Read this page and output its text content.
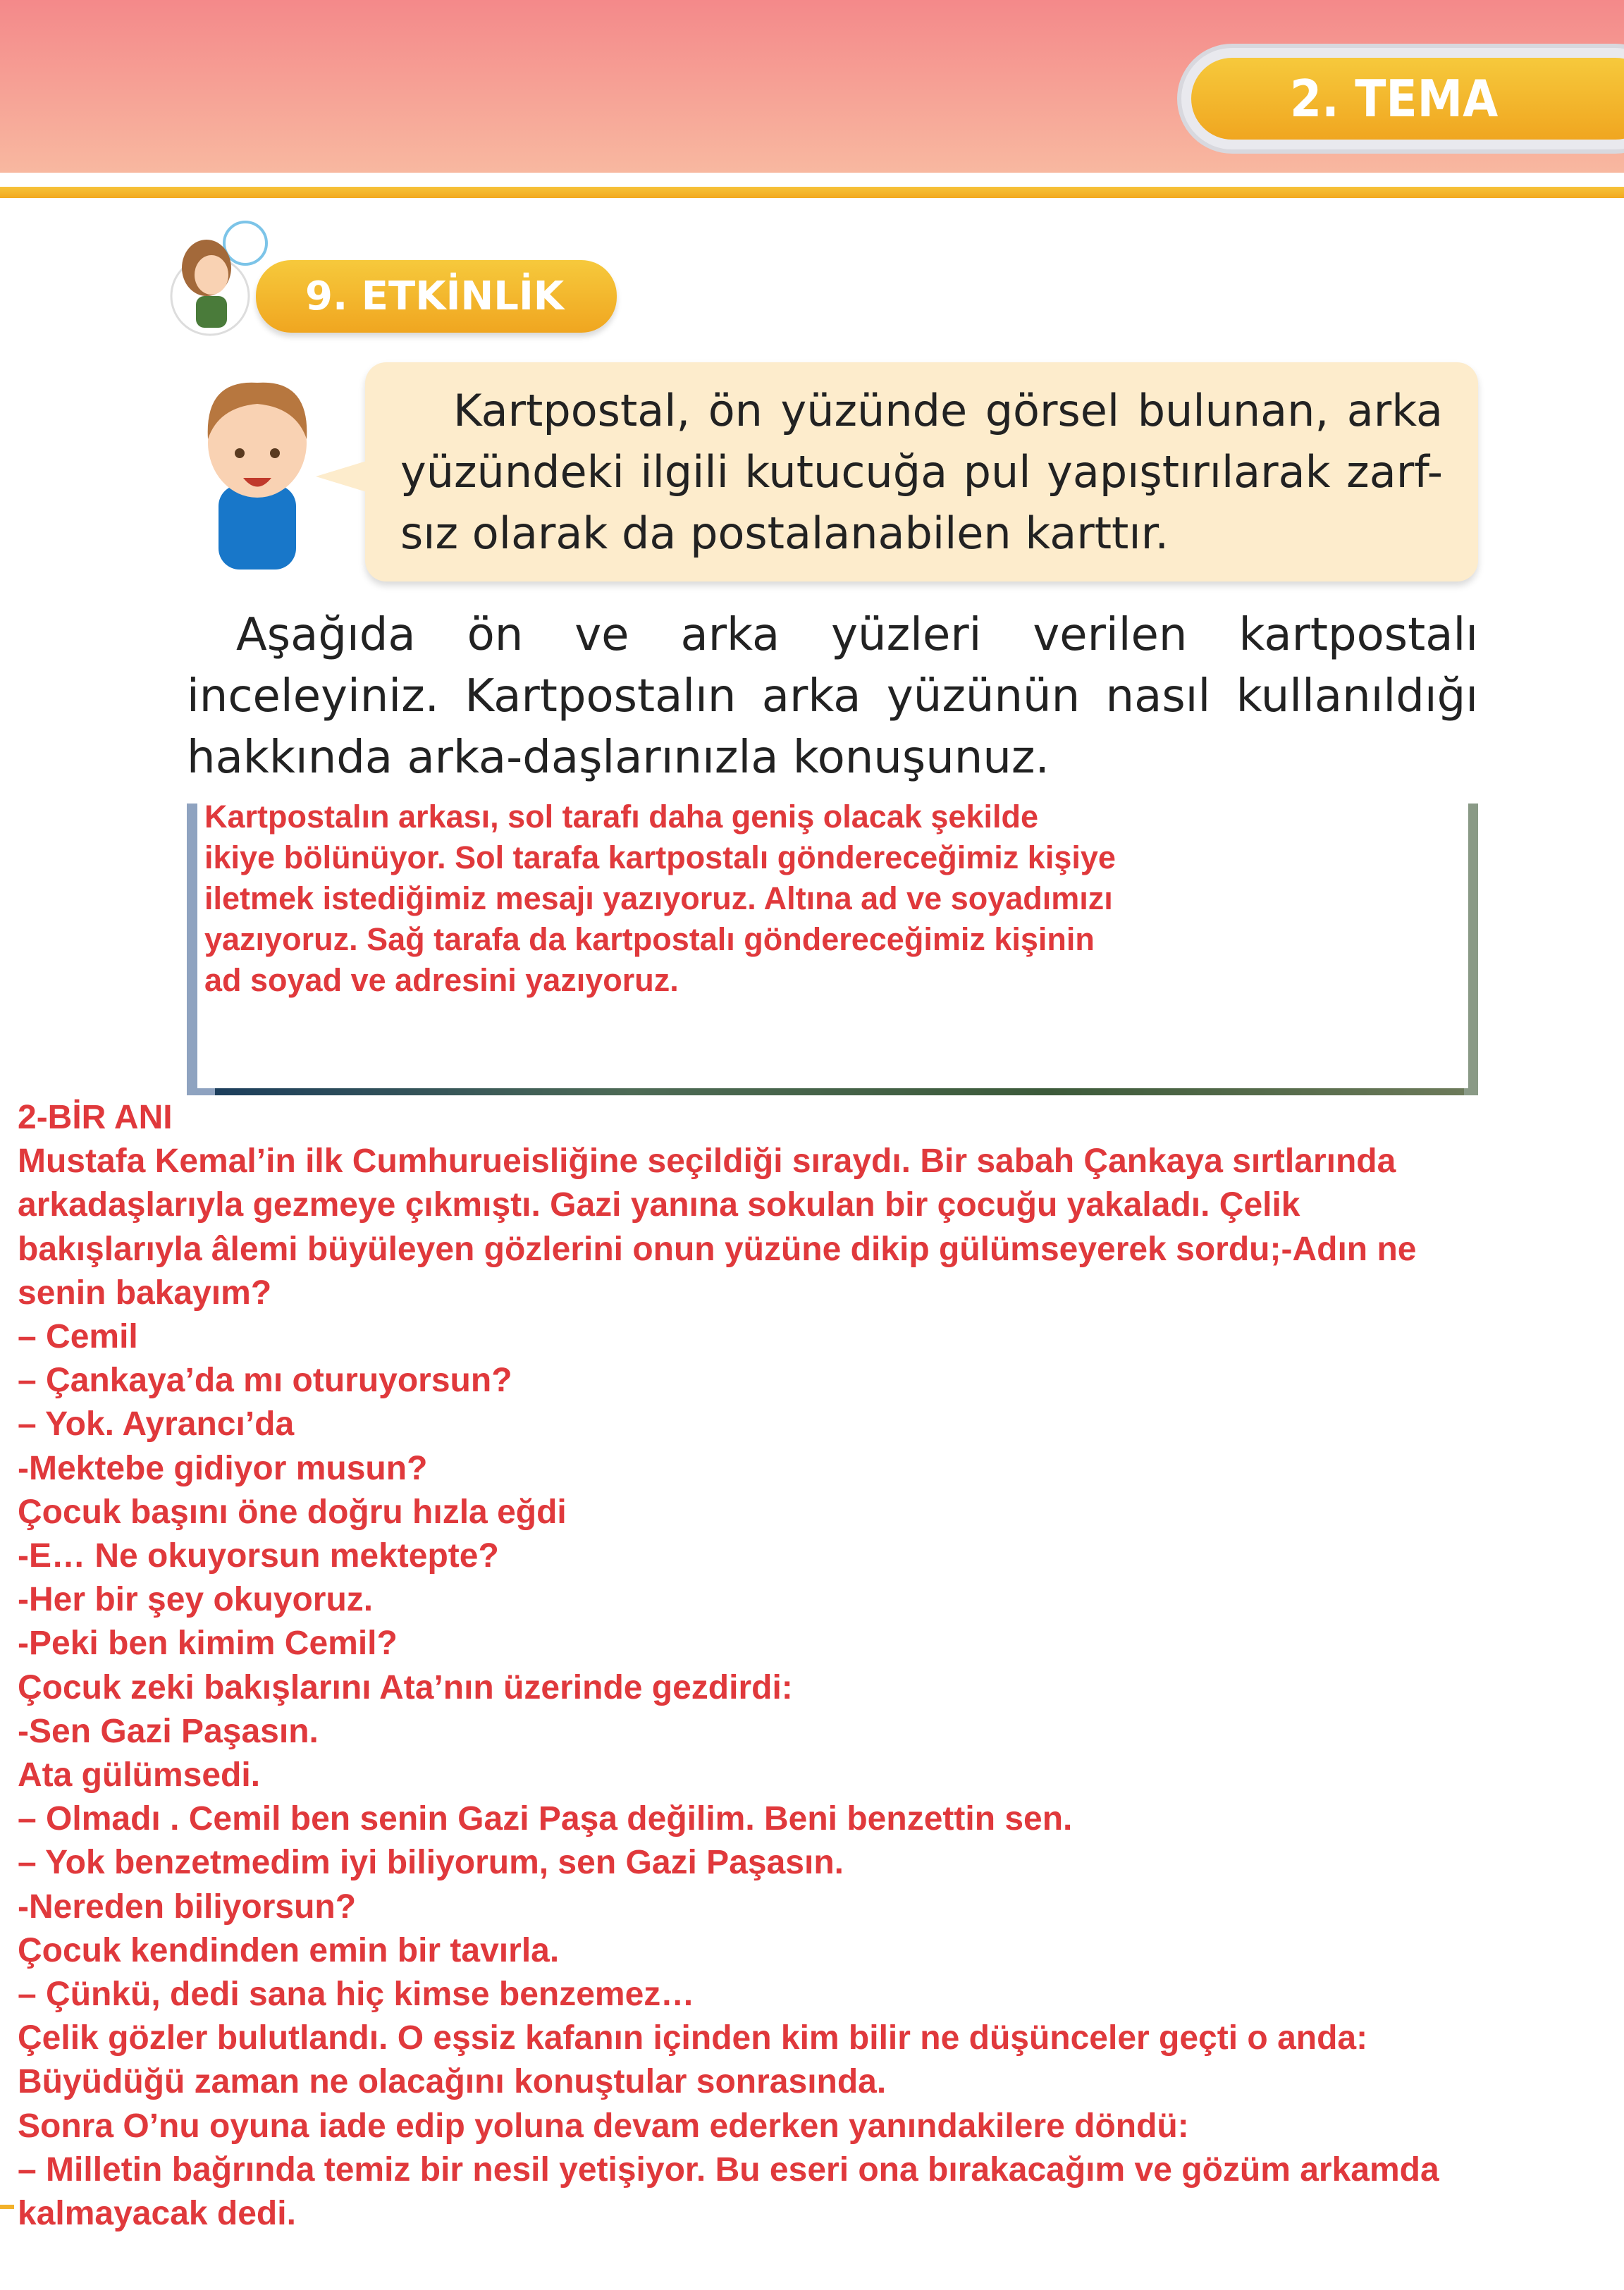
2. TEMA
9. ETKİNLİK

Kartpostal, ön yüzünde görsel bulunan, arka yüzündeki ilgili kutucuğa pul yapıştırılarak zarf-sız olarak da postalanabilen karttır.

Aşağıda ön ve arka yüzleri verilen kartpostalı inceleyiniz. Kartpostalın arka yüzünün nasıl kullanıldığı hakkında arka-daşlarınızla konuşunuz.

Kartpostalın arkası, sol tarafı daha geniş olacak şekilde

ikiye bölünüyor. Sol tarafa kartpostalı göndereceğimiz kişiye

iletmek istediğimiz mesajı yazıyoruz. Altına ad ve soyadımızı

yazıyoruz. Sağ tarafa da kartpostalı göndereceğimiz kişinin

ad soyad ve adresini yazıyoruz.

2-BİR ANI

Mustafa Kemal’in ilk Cumhurueisliğine seçildiği sıraydı. Bir sabah Çankaya sırtlarında

arkadaşlarıyla gezmeye çıkmıştı. Gazi yanına sokulan bir çocuğu yakaladı. Çelik

bakışlarıyla âlemi büyüleyen gözlerini onun yüzüne dikip gülümseyerek sordu;-Adın ne

senin bakayım?

– Cemil

– Çankaya’da mı oturuyorsun?

– Yok. Ayrancı’da

-Mektebe gidiyor musun?

Çocuk başını öne doğru hızla eğdi

-E… Ne okuyorsun mektepte?

-Her bir şey okuyoruz.

-Peki ben kimim Cemil?

Çocuk zeki bakışlarını Ata’nın üzerinde gezdirdi:

-Sen Gazi Paşasın.

Ata gülümsedi.

– Olmadı . Cemil ben senin Gazi Paşa değilim. Beni benzettin sen.

– Yok benzetmedim iyi biliyorum, sen Gazi Paşasın.

-Nereden biliyorsun?

Çocuk kendinden emin bir tavırla.

– Çünkü, dedi sana hiç kimse benzemez…

Çelik gözler bulutlandı. O eşsiz kafanın içinden kim bilir ne düşünceler geçti o anda:

Büyüdüğü zaman ne olacağını konuştular sonrasında.

Sonra O’nu oyuna iade edip yoluna devam ederken yanındakilere döndü:

– Milletin bağrında temiz bir nesil yetişiyor. Bu eseri ona bırakacağım ve gözüm arkamda

kalmayacak dedi.
